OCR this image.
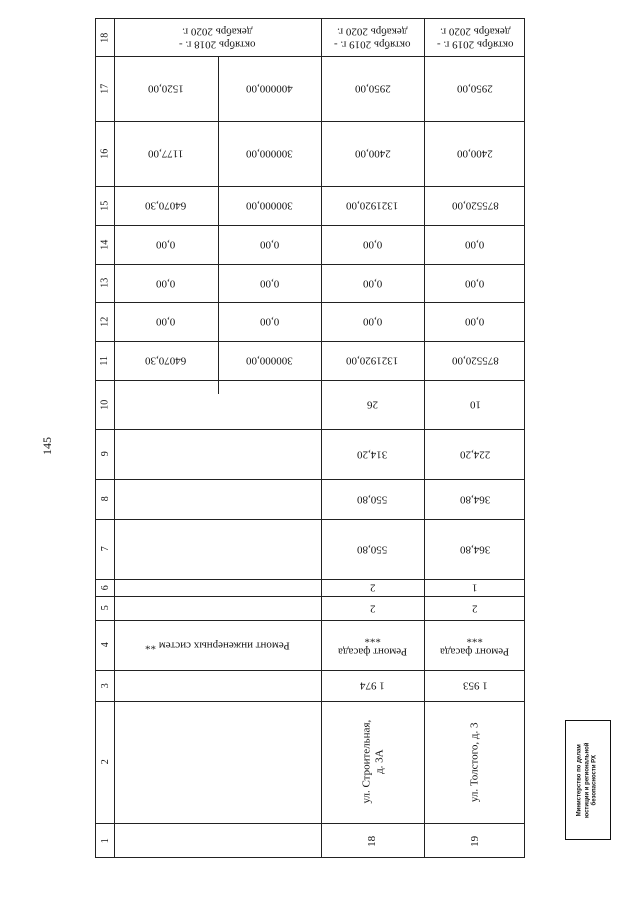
145
18
17
16
15
14
13
12
11
10
9
8
7
6
5
4
3
2
1
октябрь 2018 г. -
декабрь 2020 г.
1520,00
1177,00
64070,30
0,00
0,00
0,00
64070,30
Ремонт инженерных систем **
400000,00
300000,00
300000,00
0,00
0,00
0,00
300000,00
октябрь 2019 г. -
декабрь 2020 г.
2950,00
2400,00
1321920,00
0,00
0,00
0,00
1321920,00
26
314,20
550,80
550,80
2
2
Ремонт фасада
***
1 974
ул. Строительная, д. 3А
18
октябрь 2019 г. -
декабрь 2020 г.
2950,00
2400,00
875520,00
0,00
0,00
0,00
875520,00
10
224,20
364,80
364,80
1
2
Ремонт фасада
***
1 953
ул. Толстого, д. 3
19
Министерство по делам юстиции и региональной безопасности РХ
